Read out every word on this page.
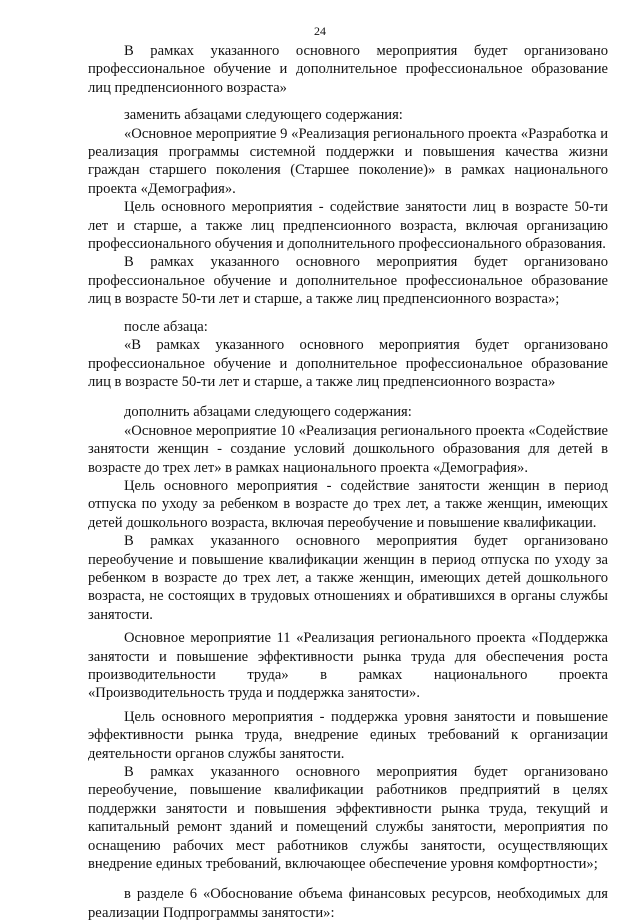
24

В рамках указанного основного мероприятия будет организовано профессиональное обучение и дополнительное профессиональное образование лиц предпенсионного возраста»

заменить абзацами следующего содержания:

«Основное мероприятие 9 «Реализация регионального проекта «Разработка и реализация программы системной поддержки и повышения качества жизни граждан старшего поколения (Старшее поколение)» в рамках национального проекта «Демография».

Цель основного мероприятия - содействие занятости лиц в возрасте 50-ти лет и старше, а также лиц предпенсионного возраста, включая организацию профессионального обучения и дополнительного профессионального образования.

В рамках указанного основного мероприятия будет организовано профессиональное обучение и дополнительное профессиональное образование лиц в возрасте 50-ти лет и старше, а также лиц предпенсионного возраста»;

после абзаца:

«В рамках указанного основного мероприятия будет организовано профессиональное обучение и дополнительное профессиональное образование лиц в возрасте 50-ти лет и старше, а также лиц предпенсионного возраста»

дополнить абзацами следующего содержания:

«Основное мероприятие 10 «Реализация регионального проекта «Содействие занятости женщин - создание условий дошкольного образования для детей в возрасте до трех лет» в рамках национального проекта «Демография».

Цель основного мероприятия - содействие занятости женщин в период отпуска по уходу за ребенком в возрасте до трех лет, а также женщин, имеющих детей дошкольного возраста, включая переобучение и повышение квалификации.

В рамках указанного основного мероприятия будет организовано переобучение и повышение квалификации женщин в период отпуска по уходу за ребенком в возрасте до трех лет, а также женщин, имеющих детей дошкольного возраста, не состоящих в трудовых отношениях и обратившихся в органы службы занятости.

Основное мероприятие 11 «Реализация регионального проекта «Поддержка занятости и повышение эффективности рынка труда для обеспечения роста производительности труда» в рамках национального проекта «Производительность труда и поддержка занятости».

Цель основного мероприятия - поддержка уровня занятости и повышение эффективности рынка труда, внедрение единых требований к организации деятельности органов службы занятости.

В рамках указанного основного мероприятия будет организовано переобучение, повышение квалификации работников предприятий в целях поддержки занятости и повышения эффективности рынка труда, текущий и капитальный ремонт зданий и помещений службы занятости, мероприятия по оснащению рабочих мест работников службы занятости, осуществляющих внедрение единых требований, включающее обеспечение уровня комфортности»;

в разделе 6 «Обоснование объема финансовых ресурсов, необходимых для реализации Подпрограммы занятости»:
